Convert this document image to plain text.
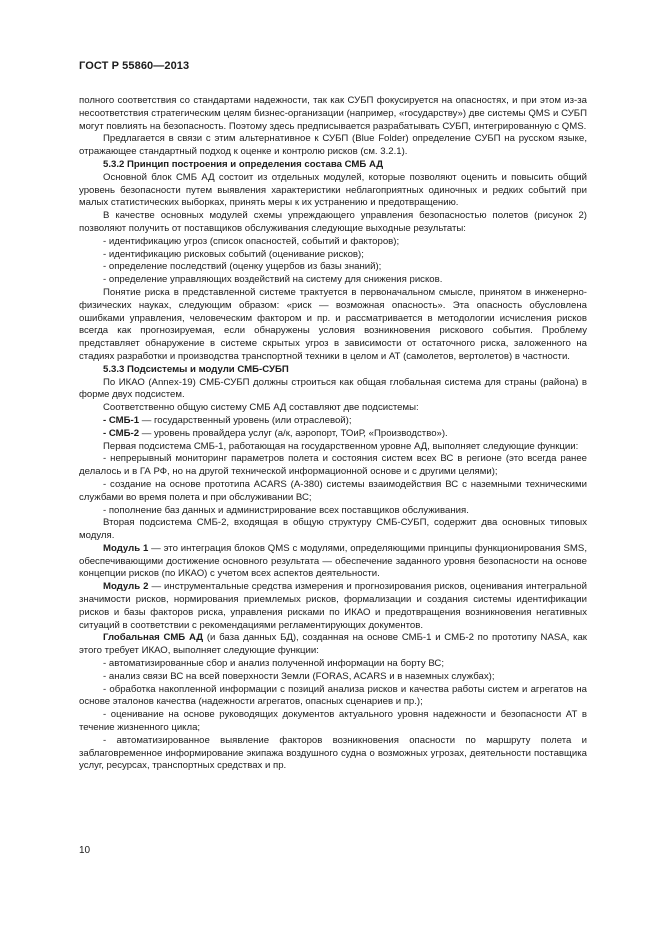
ГОСТ Р 55860—2013

полного соответствия со стандартами надежности, так как СУБП фокусируется на опасностях, и при этом из-за несоответствия стратегическим целям бизнес-организации (например, «государству») две системы QMS и СУБП могут повлиять на безопасность. Поэтому здесь предписывается разрабатывать СУБП, интегрированную с QMS.

Предлагается в связи с этим альтернативное к СУБП (Blue Folder) определение СУБП на русском языке, отражающее стандартный подход к оценке и контролю рисков (см. 3.2.1).

5.3.2 Принцип построения и определения состава СМБ АД

Основной блок СМБ АД состоит из отдельных модулей, которые позволяют оценить и повысить общий уровень безопасности путем выявления характеристики неблагоприятных одиночных и редких событий при малых статистических выборках, принять меры к их устранению и предотвращению.

В качестве основных модулей схемы упреждающего управления безопасностью полетов (рисунок 2) позволяют получить от поставщиков обслуживания следующие выходные результаты:

- идентификацию угроз (список опасностей, событий и факторов);

- идентификацию рисковых событий (оценивание рисков);

- определение последствий (оценку ущербов из базы знаний);

- определение управляющих воздействий на систему для снижения рисков.

Понятие риска в представленной системе трактуется в первоначальном смысле, принятом в инженерно-физических науках, следующим образом: «риск — возможная опасность». Эта опасность обусловлена ошибками управления, человеческим фактором и пр. и рассматривается в методологии исчисления рисков всегда как прогнозируемая, если обнаружены условия возникновения рискового события. Проблему представляет обнаружение в системе скрытых угроз в зависимости от остаточного риска, заложенного на стадиях разработки и производства транспортной техники в целом и АТ (самолетов, вертолетов) в частности.

5.3.3 Подсистемы и модули СМБ-СУБП

По ИКАО (Annex-19) СМБ-СУБП должны строиться как общая глобальная система для страны (района) в форме двух подсистем.

Соответственно общую систему СМБ АД составляют две подсистемы:

- СМБ-1 — государственный уровень (или отраслевой);

- СМБ-2 — уровень провайдера услуг (а/к, аэропорт, ТОиР, «Производство»).

Первая подсистема СМБ-1, работающая на государственном уровне АД, выполняет следующие функции:

- непрерывный мониторинг параметров полета и состояния систем всех ВС в регионе (это всегда ранее делалось и в ГА РФ, но на другой технической информационной основе и с другими целями);

- создание на основе прототипа ACARS (A-380) системы взаимодействия ВС с наземными техническими службами во время полета и при обслуживании ВС;

- пополнение баз данных и администрирование всех поставщиков обслуживания.

Вторая подсистема СМБ-2, входящая в общую структуру СМБ-СУБП, содержит два основных типовых модуля.

Модуль 1 — это интеграция блоков QMS с модулями, определяющими принципы функционирования SMS, обеспечивающими достижение основного результата — обеспечение заданного уровня безопасности на основе концепции рисков (по ИКАО) с учетом всех аспектов деятельности.

Модуль 2 — инструментальные средства измерения и прогнозирования рисков, оценивания интегральной значимости рисков, нормирования приемлемых рисков, формализации и создания системы идентификации рисков и базы факторов риска, управления рисками по ИКАО и предотвращения возникновения негативных ситуаций в соответствии с рекомендациями регламентирующих документов.

Глобальная СМБ АД (и база данных БД), созданная на основе СМБ-1 и СМБ-2 по прототипу NASA, как этого требует ИКАО, выполняет следующие функции:

- автоматизированные сбор и анализ полученной информации на борту ВС;

- анализ связи ВС на всей поверхности Земли (FORAS, ACARS и в наземных службах);

- обработка накопленной информации с позиций анализа рисков и качества работы систем и агрегатов на основе эталонов качества (надежности агрегатов, опасных сценариев и пр.);

- оценивание на основе руководящих документов актуального уровня надежности и безопасности АТ в течение жизненного цикла;

- автоматизированное выявление факторов возникновения опасности по маршруту полета и заблаговременное информирование экипажа воздушного судна о возможных угрозах, деятельности поставщика услуг, ресурсах, транспортных средствах и пр.

10
